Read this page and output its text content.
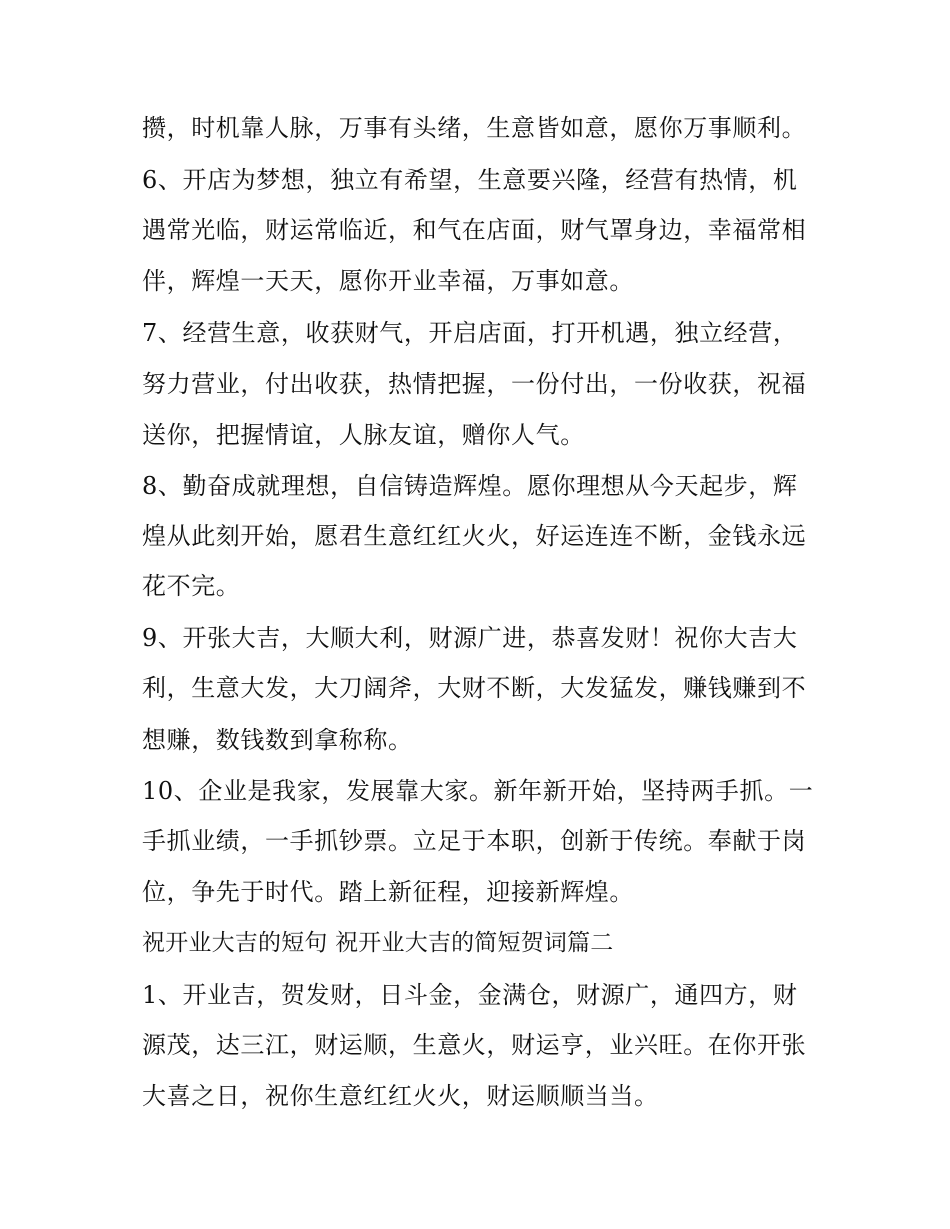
攒，时机靠人脉，万事有头绪，生意皆如意，愿你万事顺利。
6、开店为梦想，独立有希望，生意要兴隆，经营有热情，机
遇常光临，财运常临近，和气在店面，财气罩身边，幸福常相
伴，辉煌一天天，愿你开业幸福，万事如意。
7、经营生意，收获财气，开启店面，打开机遇，独立经营，
努力营业，付出收获，热情把握，一份付出，一份收获，祝福
送你，把握情谊，人脉友谊，赠你人气。
8、勤奋成就理想，自信铸造辉煌。愿你理想从今天起步，辉
煌从此刻开始，愿君生意红红火火，好运连连不断，金钱永远
花不完。
9、开张大吉，大顺大利，财源广进，恭喜发财！祝你大吉大
利，生意大发，大刀阔斧，大财不断，大发猛发，赚钱赚到不
想赚，数钱数到拿称称。
10、企业是我家，发展靠大家。新年新开始，坚持两手抓。一
手抓业绩，一手抓钞票。立足于本职，创新于传统。奉献于岗
位，争先于时代。踏上新征程，迎接新辉煌。
祝开业大吉的短句 祝开业大吉的简短贺词篇二
1、开业吉，贺发财，日斗金，金满仓，财源广，通四方，财
源茂，达三江，财运顺，生意火，财运亨，业兴旺。在你开张
大喜之日，祝你生意红红火火，财运顺顺当当。
